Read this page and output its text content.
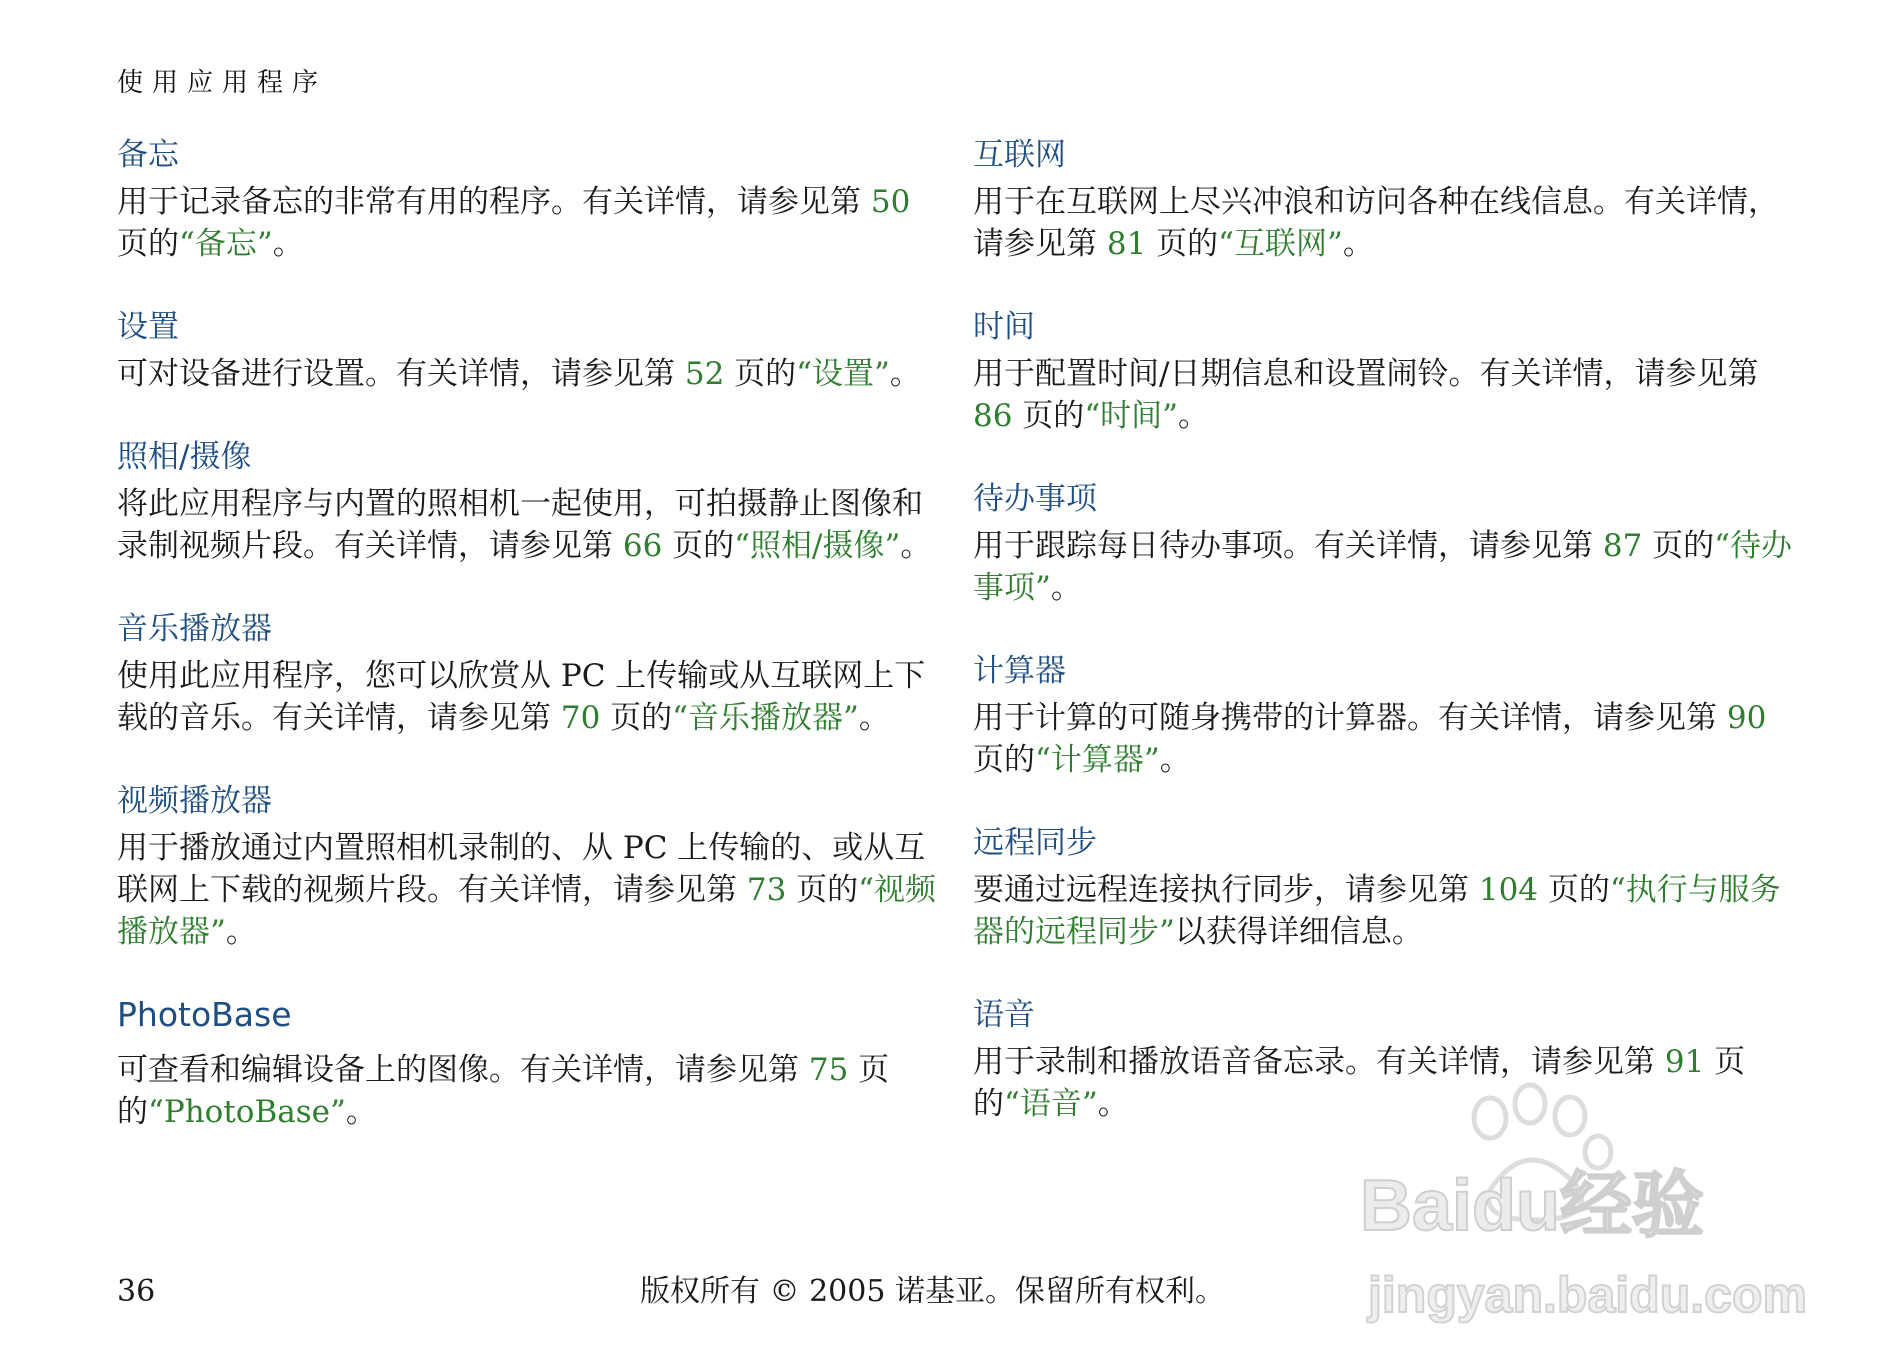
使用应用程序
备忘

用于记录备忘的非常有用的程序。有关详情，请参见第 50 页的“备忘”。

设置

可对设备进行设置。有关详情，请参见第 52 页的“设置”。

照相/摄像

将此应用程序与内置的照相机一起使用，可拍摄静止图像和录制视频片段。有关详情，请参见第 66 页的“照相/摄像”。

音乐播放器

使用此应用程序，您可以欣赏从 PC 上传输或从互联网上下载的音乐。有关详情，请参见第 70 页的“音乐播放器”。

视频播放器

用于播放通过内置照相机录制的、从 PC 上传输的、或从互联网上下载的视频片段。有关详情，请参见第 73 页的“视频播放器”。

PhotoBase

可查看和编辑设备上的图像。有关详情，请参见第 75 页的“PhotoBase”。

互联网

用于在互联网上尽兴冲浪和访问各种在线信息。有关详情，请参见第 81 页的“互联网”。

时间

用于配置时间/日期信息和设置闹铃。有关详情，请参见第 86 页的“时间”。

待办事项

用于跟踪每日待办事项。有关详情，请参见第 87 页的“待办事项”。

计算器

用于计算的可随身携带的计算器。有关详情，请参见第 90 页的“计算器”。

远程同步

要通过远程连接执行同步，请参见第 104 页的“执行与服务器的远程同步”以获得详细信息。

语音

用于录制和播放语音备忘录。有关详情，请参见第 91 页的“语音”。

36	版权所有 © 2005 诺基亚。保留所有权利。
Baidu经验
jingyan.baidu.com
